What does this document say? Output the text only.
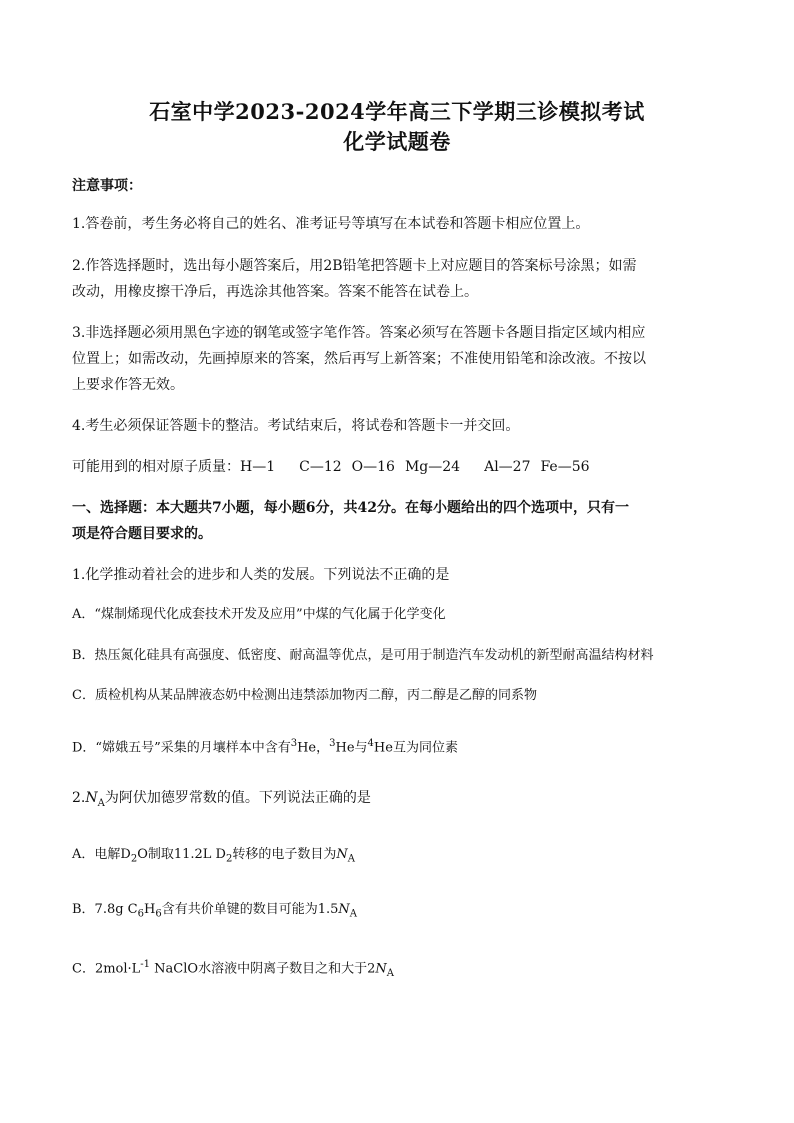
石室中学2023-2024学年高三下学期三诊模拟考试
化学试题卷
注意事项：
1.答卷前，考生务必将自己的姓名、准考证号等填写在本试卷和答题卡相应位置上。
2.作答选择题时，选出每小题答案后，用2B铅笔把答题卡上对应题目的答案标号涂黑；如需
改动，用橡皮擦干净后，再选涂其他答案。答案不能答在试卷上。
3.非选择题必须用黑色字迹的钢笔或签字笔作答。答案必须写在答题卡各题目指定区域内相应
位置上；如需改动，先画掉原来的答案，然后再写上新答案；不准使用铅笔和涂改液。不按以
上要求作答无效。
4.考生必须保证答题卡的整洁。考试结束后，将试卷和答题卡一并交回。
可能用到的相对原子质量：H—1 C—12 O—16 Mg—24 Al—27 Fe—56
一、选择题：本大题共7小题，每小题6分，共42分。在每小题给出的四个选项中，只有一
项是符合题目要求的。
1.化学推动着社会的进步和人类的发展。下列说法不正确的是
A．“煤制烯现代化成套技术开发及应用”中煤的气化属于化学变化
B．热压氮化硅具有高强度、低密度、耐高温等优点，是可用于制造汽车发动机的新型耐高温结构材料
C．质检机构从某品牌液态奶中检测出违禁添加物丙二醇，丙二醇是乙醇的同系物
D．“嫦娥五号”采集的月壤样本中含有$^3$He，$^3$He与$^4$He互为同位素
$2.N_A$为阿伏加德罗常数的值。下列说法正确的是
A．电解$D_2O$制取11.2L $D_2$转移的电子数目为$N_A$
B．7.8g $C_6H_6$含有共价单键的数目可能为$1.5N_A$
C．$2mol\cdot L^{-1}$ NaClO水溶液中阴离子数目之和大于$2N_A$
